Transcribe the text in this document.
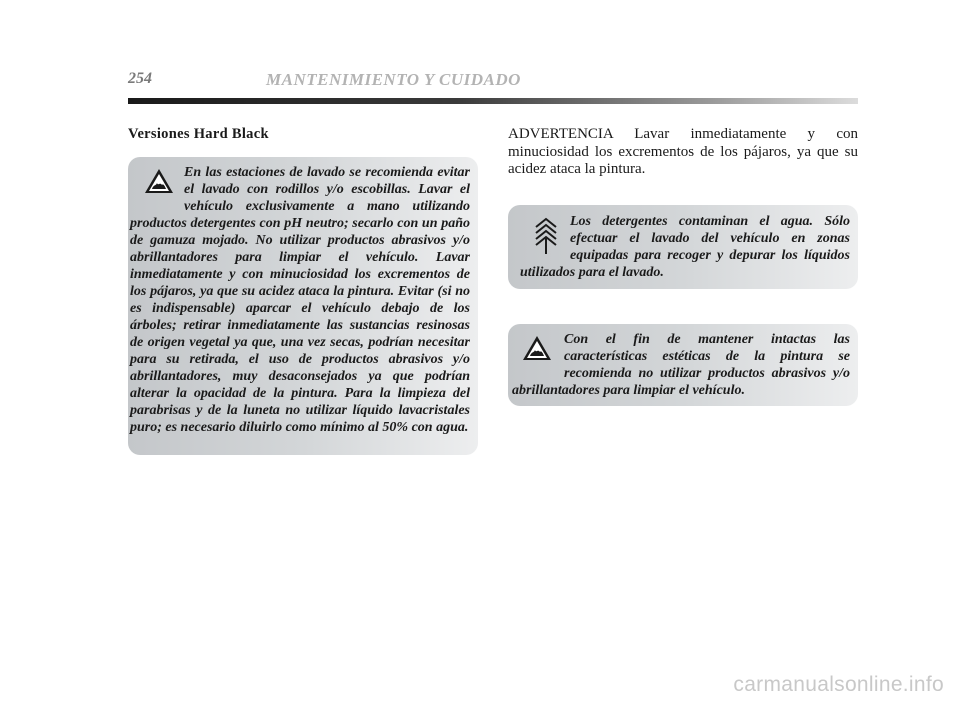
254	MANTENIMIENTO Y CUIDADO
Versiones Hard Black

En las estaciones de lavado se recomienda evitar el lavado con rodillos y/o escobillas. Lavar el vehículo exclusivamente a mano utilizando productos detergentes con pH neutro; secarlo con un paño de gamuza mojado. No utilizar productos abrasivos y/o abrillantadores para limpiar el vehículo. Lavar inmediatamente y con minuciosidad los excrementos de los pájaros, ya que su acidez ataca la pintura. Evitar (si no es indispensable) aparcar el vehículo debajo de los árboles; retirar inmediatamente las sustancias resinosas de origen vegetal ya que, una vez secas, podrían necesitar para su retirada, el uso de productos abrasivos y/o abrillantadores, muy desaconsejados ya que podrían alterar la opacidad de la pintura. Para la limpieza del parabrisas y de la luneta no utilizar líquido lavacristales puro; es necesario diluirlo como mínimo al 50% con agua.

ADVERTENCIA Lavar inmediatamente y con minuciosidad los excrementos de los pájaros, ya que su acidez ataca la pintura.

Los detergentes contaminan el agua. Sólo efectuar el lavado del vehículo en zonas equipadas para recoger y depurar los líquidos utilizados para el lavado.

Con el fin de mantener intactas las características estéticas de la pintura se recomienda no utilizar productos abrasivos y/o abrillantadores para limpiar el vehículo.

carmanualsonline.info
